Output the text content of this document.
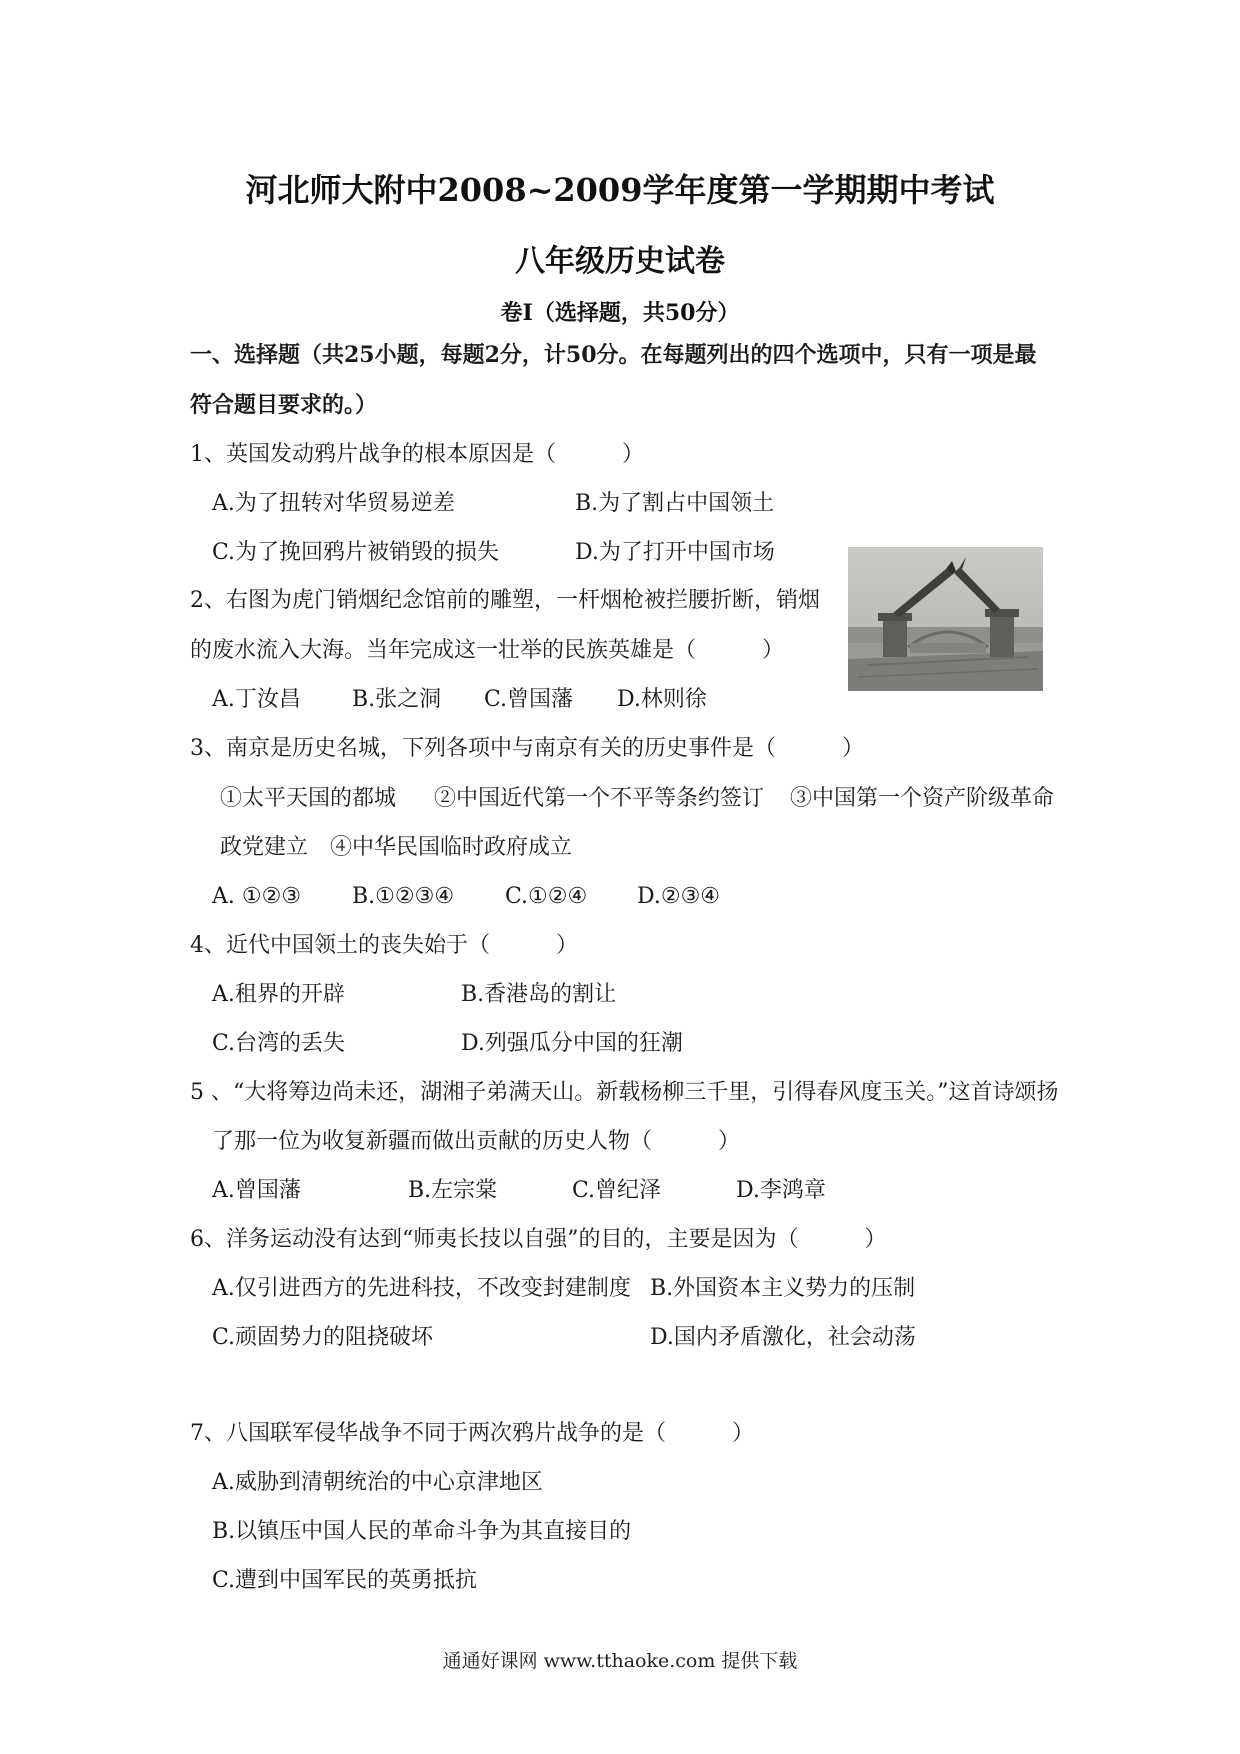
河北师大附中2008~2009学年度第一学期期中考试
八年级历史试卷
卷Ⅰ（选择题，共50分）
一、选择题（共25小题，每题2分，计50分。在每题列出的四个选项中，只有一项是最
符合题目要求的。）
1、英国发动鸦片战争的根本原因是（　　　）
A.为了扭转对华贸易逆差	B.为了割占中国领土
C.为了挽回鸦片被销毁的损失	D.为了打开中国市场
2、右图为虎门销烟纪念馆前的雕塑，一杆烟枪被拦腰折断，销烟
的废水流入大海。当年完成这一壮举的民族英雄是（　　　）
A.丁汝昌 B.张之洞 C.曾国藩 D.林则徐
3、南京是历史名城，下列各项中与南京有关的历史事件是（　　　）
①太平天国的都城 ②中国近代第一个不平等条约签订 ③中国第一个资产阶级革命
政党建立 ④中华民国临时政府成立
A. ①②③ B.①②③④ C.①②④ D.②③④
4、近代中国领土的丧失始于（　　　）
A.租界的开辟	B.香港岛的割让
C.台湾的丢失	D.列强瓜分中国的狂潮
5 、“大将筹边尚未还，湖湘子弟满天山。新载杨柳三千里，引得春风度玉关。”这首诗颂扬
了那一位为收复新疆而做出贡献的历史人物（　　　）
A.曾国藩	B.左宗棠	C.曾纪泽	D.李鸿章
6、洋务运动没有达到“师夷长技以自强”的目的，主要是因为（　　　）
A.仅引进西方的先进科技，不改变封建制度 B.外国资本主义势力的压制
C.顽固势力的阻挠破坏	D.国内矛盾激化，社会动荡
7、八国联军侵华战争不同于两次鸦片战争的是（　　　）
A.威胁到清朝统治的中心京津地区
B.以镇压中国人民的革命斗争为其直接目的
C.遭到中国军民的英勇抵抗
通通好课网 www.tthaoke.com 提供下载
